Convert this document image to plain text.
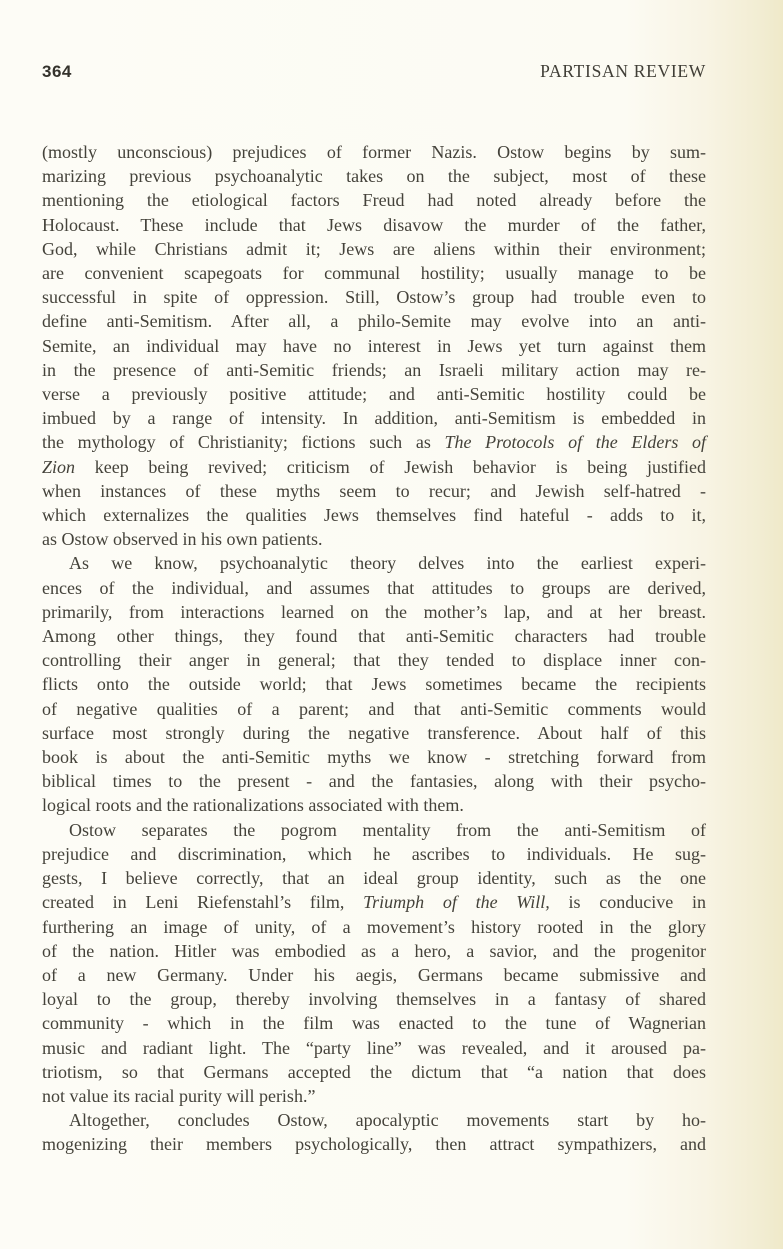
364	PARTISAN REVIEW

(mostly unconscious) prejudices of former Nazis. Ostow begins by sum-
marizing previous psychoanalytic takes on the subject, most of these
mentioning the etiological factors Freud had noted already before the
Holocaust. These include that Jews disavow the murder of the father,
God, while Christians admit it; Jews are aliens within their environment;
are convenient scapegoats for communal hostility; usually manage to be
successful in spite of oppression. Still, Ostow’s group had trouble even to
define anti-Semitism. After all, a philo-Semite may evolve into an anti-
Semite, an individual may have no interest in Jews yet turn against them
in the presence of anti-Semitic friends; an Israeli military action may re-
verse a previously positive attitude; and anti-Semitic hostility could be
imbued by a range of intensity. In addition, anti-Semitism is embedded in
the mythology of Christianity; fictions such as The Protocols of the Elders of
Zion keep being revived; criticism of Jewish behavior is being justified
when instances of these myths seem to recur; and Jewish self-hatred -
which externalizes the qualities Jews themselves find hateful - adds to it,
as Ostow observed in his own patients.

As we know, psychoanalytic theory delves into the earliest experi-
ences of the individual, and assumes that attitudes to groups are derived,
primarily, from interactions learned on the mother’s lap, and at her breast.
Among other things, they found that anti-Semitic characters had trouble
controlling their anger in general; that they tended to displace inner con-
flicts onto the outside world; that Jews sometimes became the recipients
of negative qualities of a parent; and that anti-Semitic comments would
surface most strongly during the negative transference. About half of this
book is about the anti-Semitic myths we know - stretching forward from
biblical times to the present - and the fantasies, along with their psycho-
logical roots and the rationalizations associated with them.

Ostow separates the pogrom mentality from the anti-Semitism of
prejudice and discrimination, which he ascribes to individuals. He sug-
gests, I believe correctly, that an ideal group identity, such as the one
created in Leni Riefenstahl’s film, Triumph of the Will, is conducive in
furthering an image of unity, of a movement’s history rooted in the glory
of the nation. Hitler was embodied as a hero, a savior, and the progenitor
of a new Germany. Under his aegis, Germans became submissive and
loyal to the group, thereby involving themselves in a fantasy of shared
community - which in the film was enacted to the tune of Wagnerian
music and radiant light. The “party line” was revealed, and it aroused pa-
triotism, so that Germans accepted the dictum that “a nation that does
not value its racial purity will perish.”

Altogether, concludes Ostow, apocalyptic movements start by ho-
mogenizing their members psychologically, then attract sympathizers, and
